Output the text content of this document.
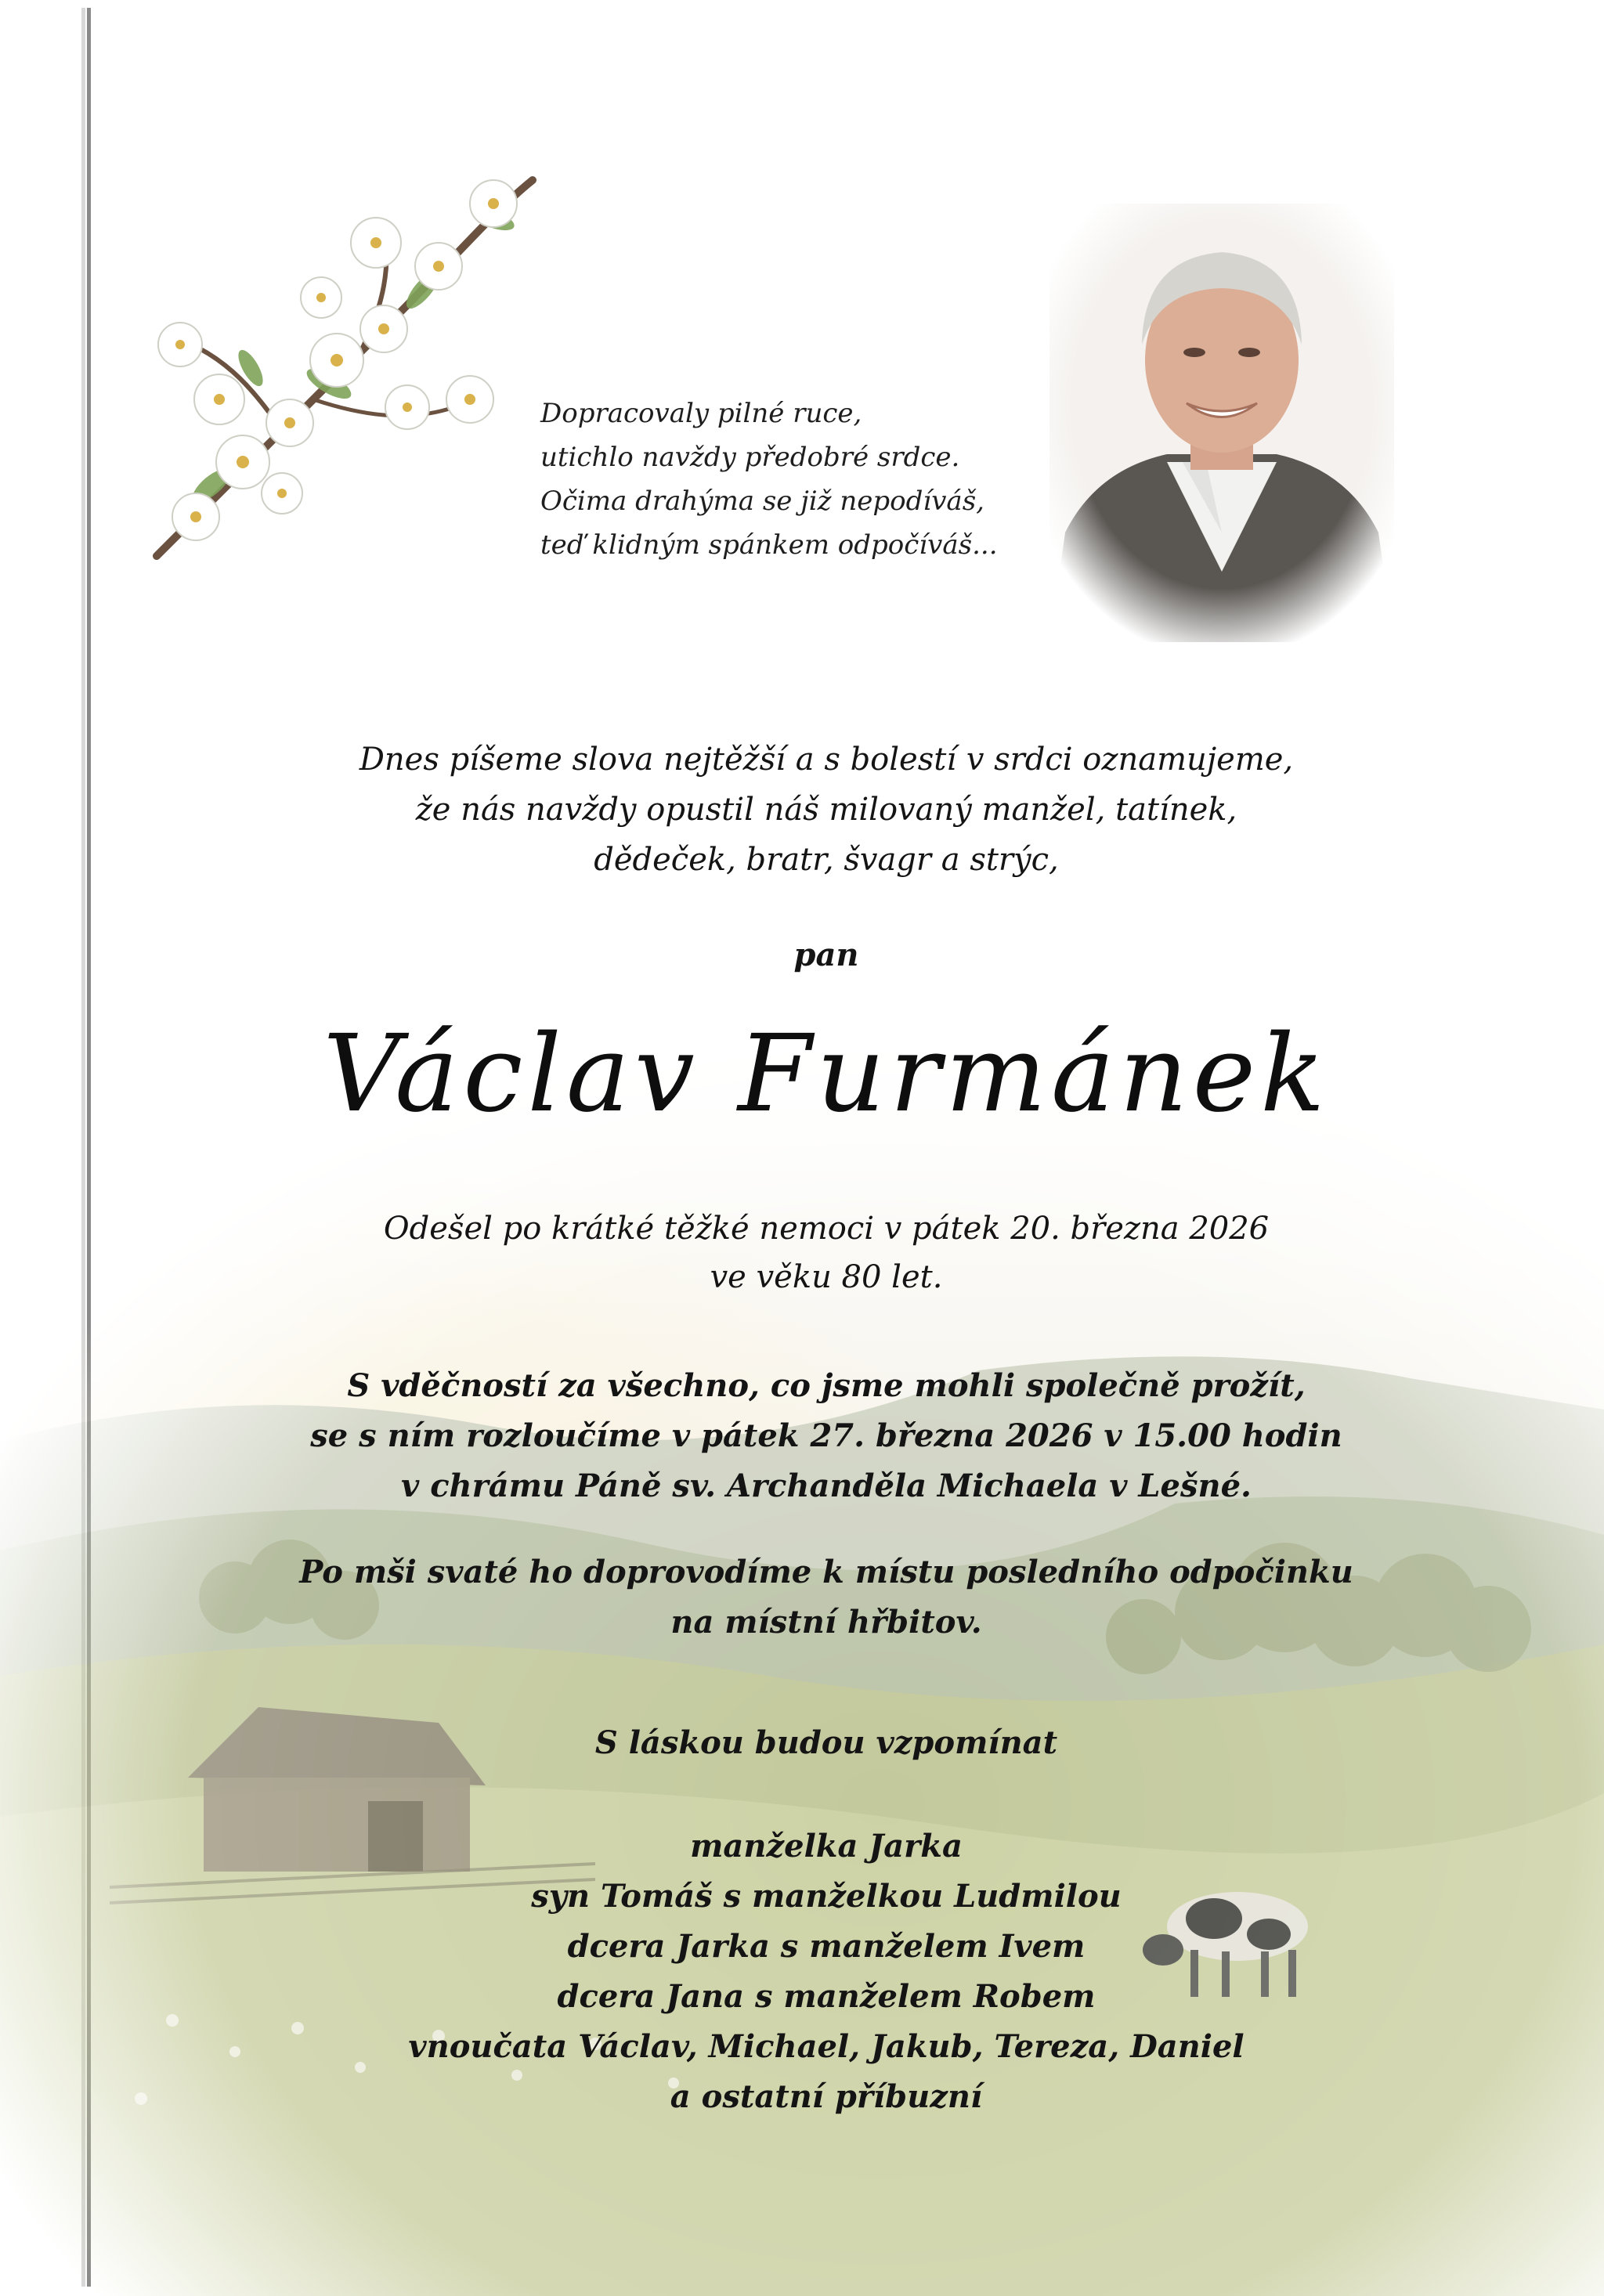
Dopracovaly pilné ruce,
utichlo navždy předobré srdce.
Očima drahýma se již nepodíváš,
teď klidným spánkem odpočíváš...
Dnes píšeme slova nejtěžší a s bolestí v srdci oznamujeme,
že nás navždy opustil náš milovaný manžel, tatínek,
dědeček, bratr, švagr a strýc,
pan
Václav Furmánek
Odešel po krátké těžké nemoci v pátek 20. března 2026
ve věku 80 let.
S vděčností za všechno, co jsme mohli společně prožít,
se s ním rozloučíme v pátek 27. března 2026 v 15.00 hodin
v chrámu Páně sv. Archanděla Michaela v Lešné.
Po mši svaté ho doprovodíme k místu posledního odpočinku
na místní hřbitov.
S láskou budou vzpomínat
manželka Jarka
syn Tomáš s manželkou Ludmilou
dcera Jarka s manželem Ivem
dcera Jana s manželem Robem
vnoučata Václav, Michael, Jakub, Tereza, Daniel
a ostatní příbuzní
